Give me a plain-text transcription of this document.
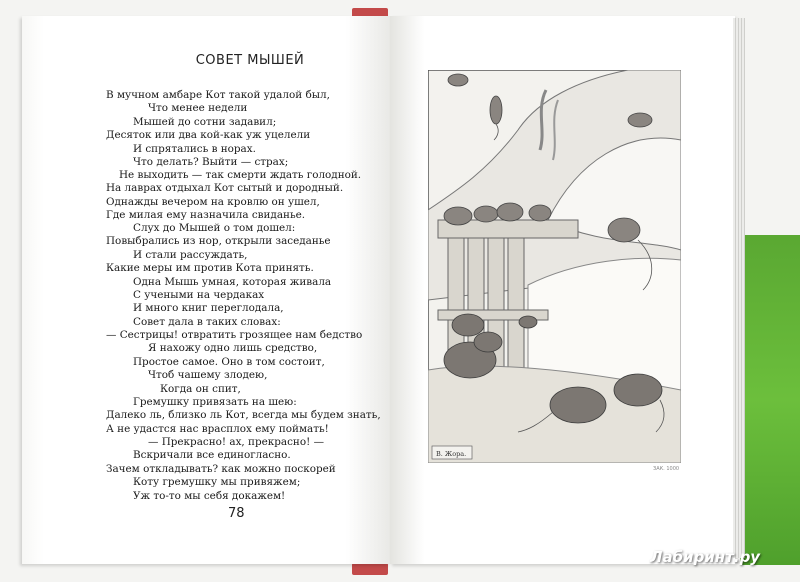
СОВЕТ МЫШЕЙ
В мучном амбаре Кот такой удалой был,
Что менее недели
Мышей до сотни задавил;
Десяток или два кой-как уж уцелели
И спрятались в норах.
Что делать? Выйти — страх;
Не выходить — так смерти ждать голодной.
На лаврах отдыхал Кот сытый и дородный.
Однажды вечером на кровлю он ушел,
Где милая ему назначила свиданье.
Слух до Мышей о том дошел:
Повыбрались из нор, открыли заседанье
И стали рассуждать,
Какие меры им против Кота принять.
Одна Мышь умная, которая живала
С учеными на чердаках
И много книг переглодала,
Совет дала в таких словах:
— Сестрицы! отвратить грозящее нам бедство
Я нахожу одно лишь средство,
Простое самое. Оно в том состоит,
Чтоб чашему злодею,
Когда он спит,
Гремушку привязать на шею:
Далеко ль, близко ль Кот, всегда мы будем знать,
А не удастся нас врасплох ему поймать!
— Прекрасно! ах, прекрасно! —
Вскричали все единогласно.
Зачем откладывать? как можно поскорей
Коту гремушку мы привяжем;
Уж то-то мы себя докажем!
78
В. Жора.
ЗАК. 1000
Лабиринт.ру
